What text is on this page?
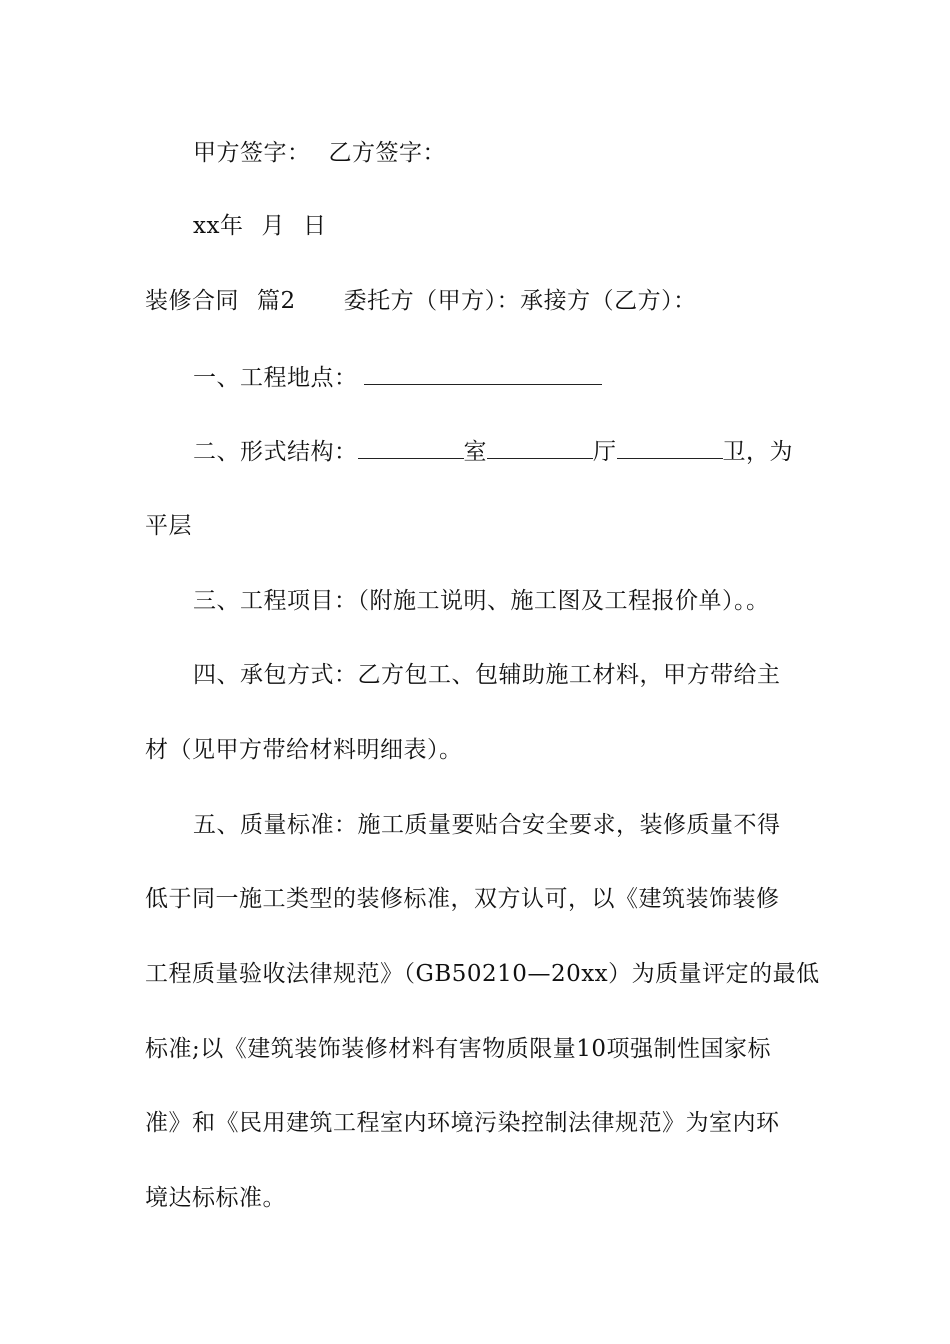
甲方签字： 乙方签字：
xx年 月 日
装修合同 篇2 委托方（甲方）：承接方（乙方）：
一、工程地点：
二、形式结构：	室	厅	卫，为
平层
三、工程项目：（附施工说明、施工图及工程报价单）。。
四、承包方式：乙方包工、包辅助施工材料，甲方带给主
材（见甲方带给材料明细表）。
五、质量标准：施工质量要贴合安全要求，装修质量不得
低于同一施工类型的装修标准，双方认可，以《建筑装饰装修
工程质量验收法律规范》（GB50210—20xx）为质量评定的最低
标准;以《建筑装饰装修材料有害物质限量10项强制性国家标
准》和《民用建筑工程室内环境污染控制法律规范》为室内环
境达标标准。
